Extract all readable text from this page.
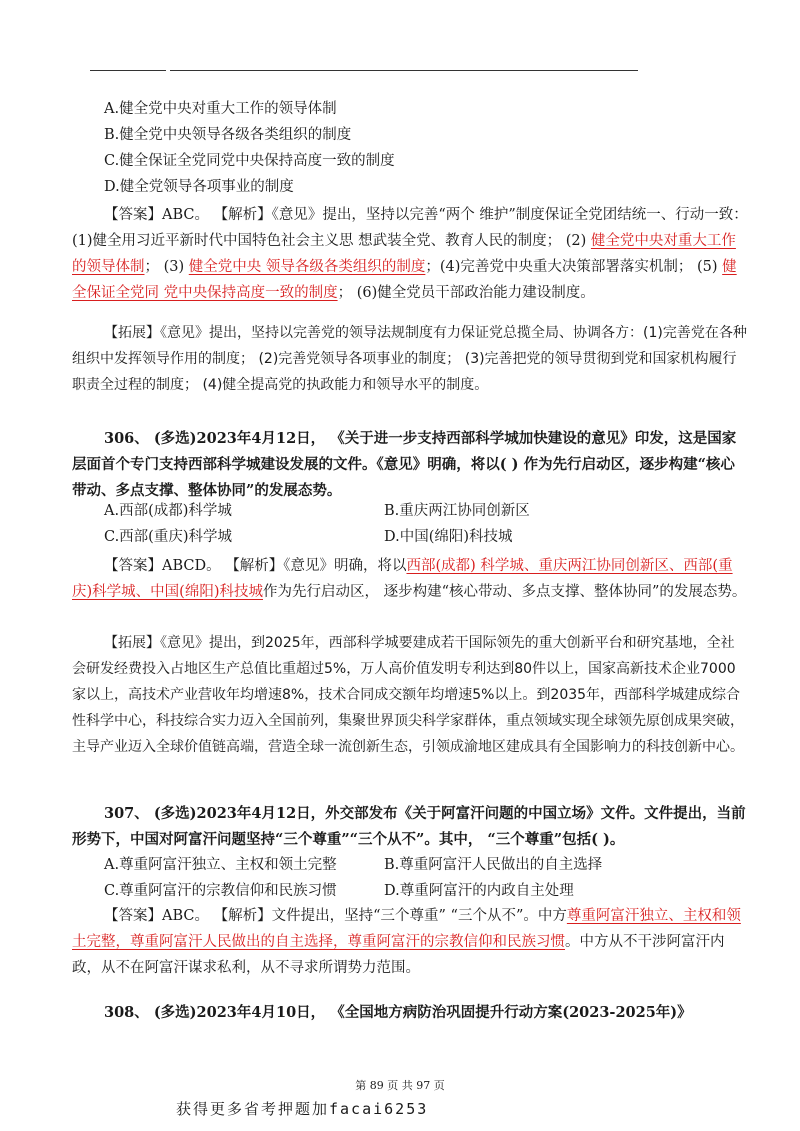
A.健全党中央对重大工作的领导体制

B.健全党中央领导各级各类组织的制度

C.健全保证全党同党中央保持高度一致的制度

D.健全党领导各项事业的制度

【答案】ABC。 【解析】《意见》提出，坚持以完善“两个 维护”制度保证全党团结统一、行动一致：(1)健全用习近平新时代中国特色社会主义思 想武装全党、教育人民的制度； (2) 健全党中央对重大工作的领导体制； (3) 健全党中央 领导各级各类组织的制度；(4)完善党中央重大决策部署落实机制； (5) 健全保证全党同 党中央保持高度一致的制度； (6)健全党员干部政治能力建设制度。
【拓展】《意见》提出，坚持以完善党的领导法规制度有力保证党总揽全局、协调各方：(1)完善党在各种组织中发挥领导作用的制度； (2)完善党领导各项事业的制度； (3)完善把党的领导贯彻到党和国家机构履行职责全过程的制度； (4)健全提高党的执政能力和领导水平的制度。
306、 (多选)2023年4月12日， 《关于进一步支持西部科学城加快建设的意见》印发，这是国家层面首个专门支持西部科学城建设发展的文件。《意见》明确，将以( ) 作为先行启动区，逐步构建“核心带动、多点支撑、整体协同”的发展态势。
A.西部(成都)科学城	B.重庆两江协同创新区
C.西部(重庆)科学城	D.中国(绵阳)科技城
【答案】ABCD。 【解析】《意见》明确，将以西部(成都) 科学城、重庆两江协同创新区、西部(重庆)科学城、中国(绵阳)科技城作为先行启动区， 逐步构建“核心带动、多点支撑、整体协同”的发展态势。
【拓展】《意见》提出，到2025年，西部科学城要建成若干国际领先的重大创新平台和研究基地，全社会研发经费投入占地区生产总值比重超过5%，万人高价值发明专利达到80件以上，国家高新技术企业7000家以上，高技术产业营收年均增速8%，技术合同成交额年均增速5%以上。到2035年，西部科学城建成综合性科学中心，科技综合实力迈入全国前列，集聚世界顶尖科学家群体，重点领域实现全球领先原创成果突破，主导产业迈入全球价值链高端，营造全球一流创新生态，引领成渝地区建成具有全国影响力的科技创新中心。
307、 (多选)2023年4月12日，外交部发布《关于阿富汗问题的中国立场》文件。文件提出，当前形势下，中国对阿富汗问题坚持“三个尊重”“三个从不”。其中， “三个尊重”包括( )。
A.尊重阿富汗独立、主权和领土完整	B.尊重阿富汗人民做出的自主选择
C.尊重阿富汗的宗教信仰和民族习惯	D.尊重阿富汗的内政自主处理
【答案】ABC。 【解析】文件提出，坚持“三个尊重” “三个从不”。中方尊重阿富汗独立、主权和领土完整，尊重阿富汗人民做出的自主选择，尊重阿富汗的宗教信仰和民族习惯。中方从不干涉阿富汗内政，从不在阿富汗谋求私利，从不寻求所谓势力范围。
308、 (多选)2023年4月10日， 《全国地方病防治巩固提升行动方案(2023-2025年)》
第 89 页 共 97 页
获得更多省考押题加facai6253
